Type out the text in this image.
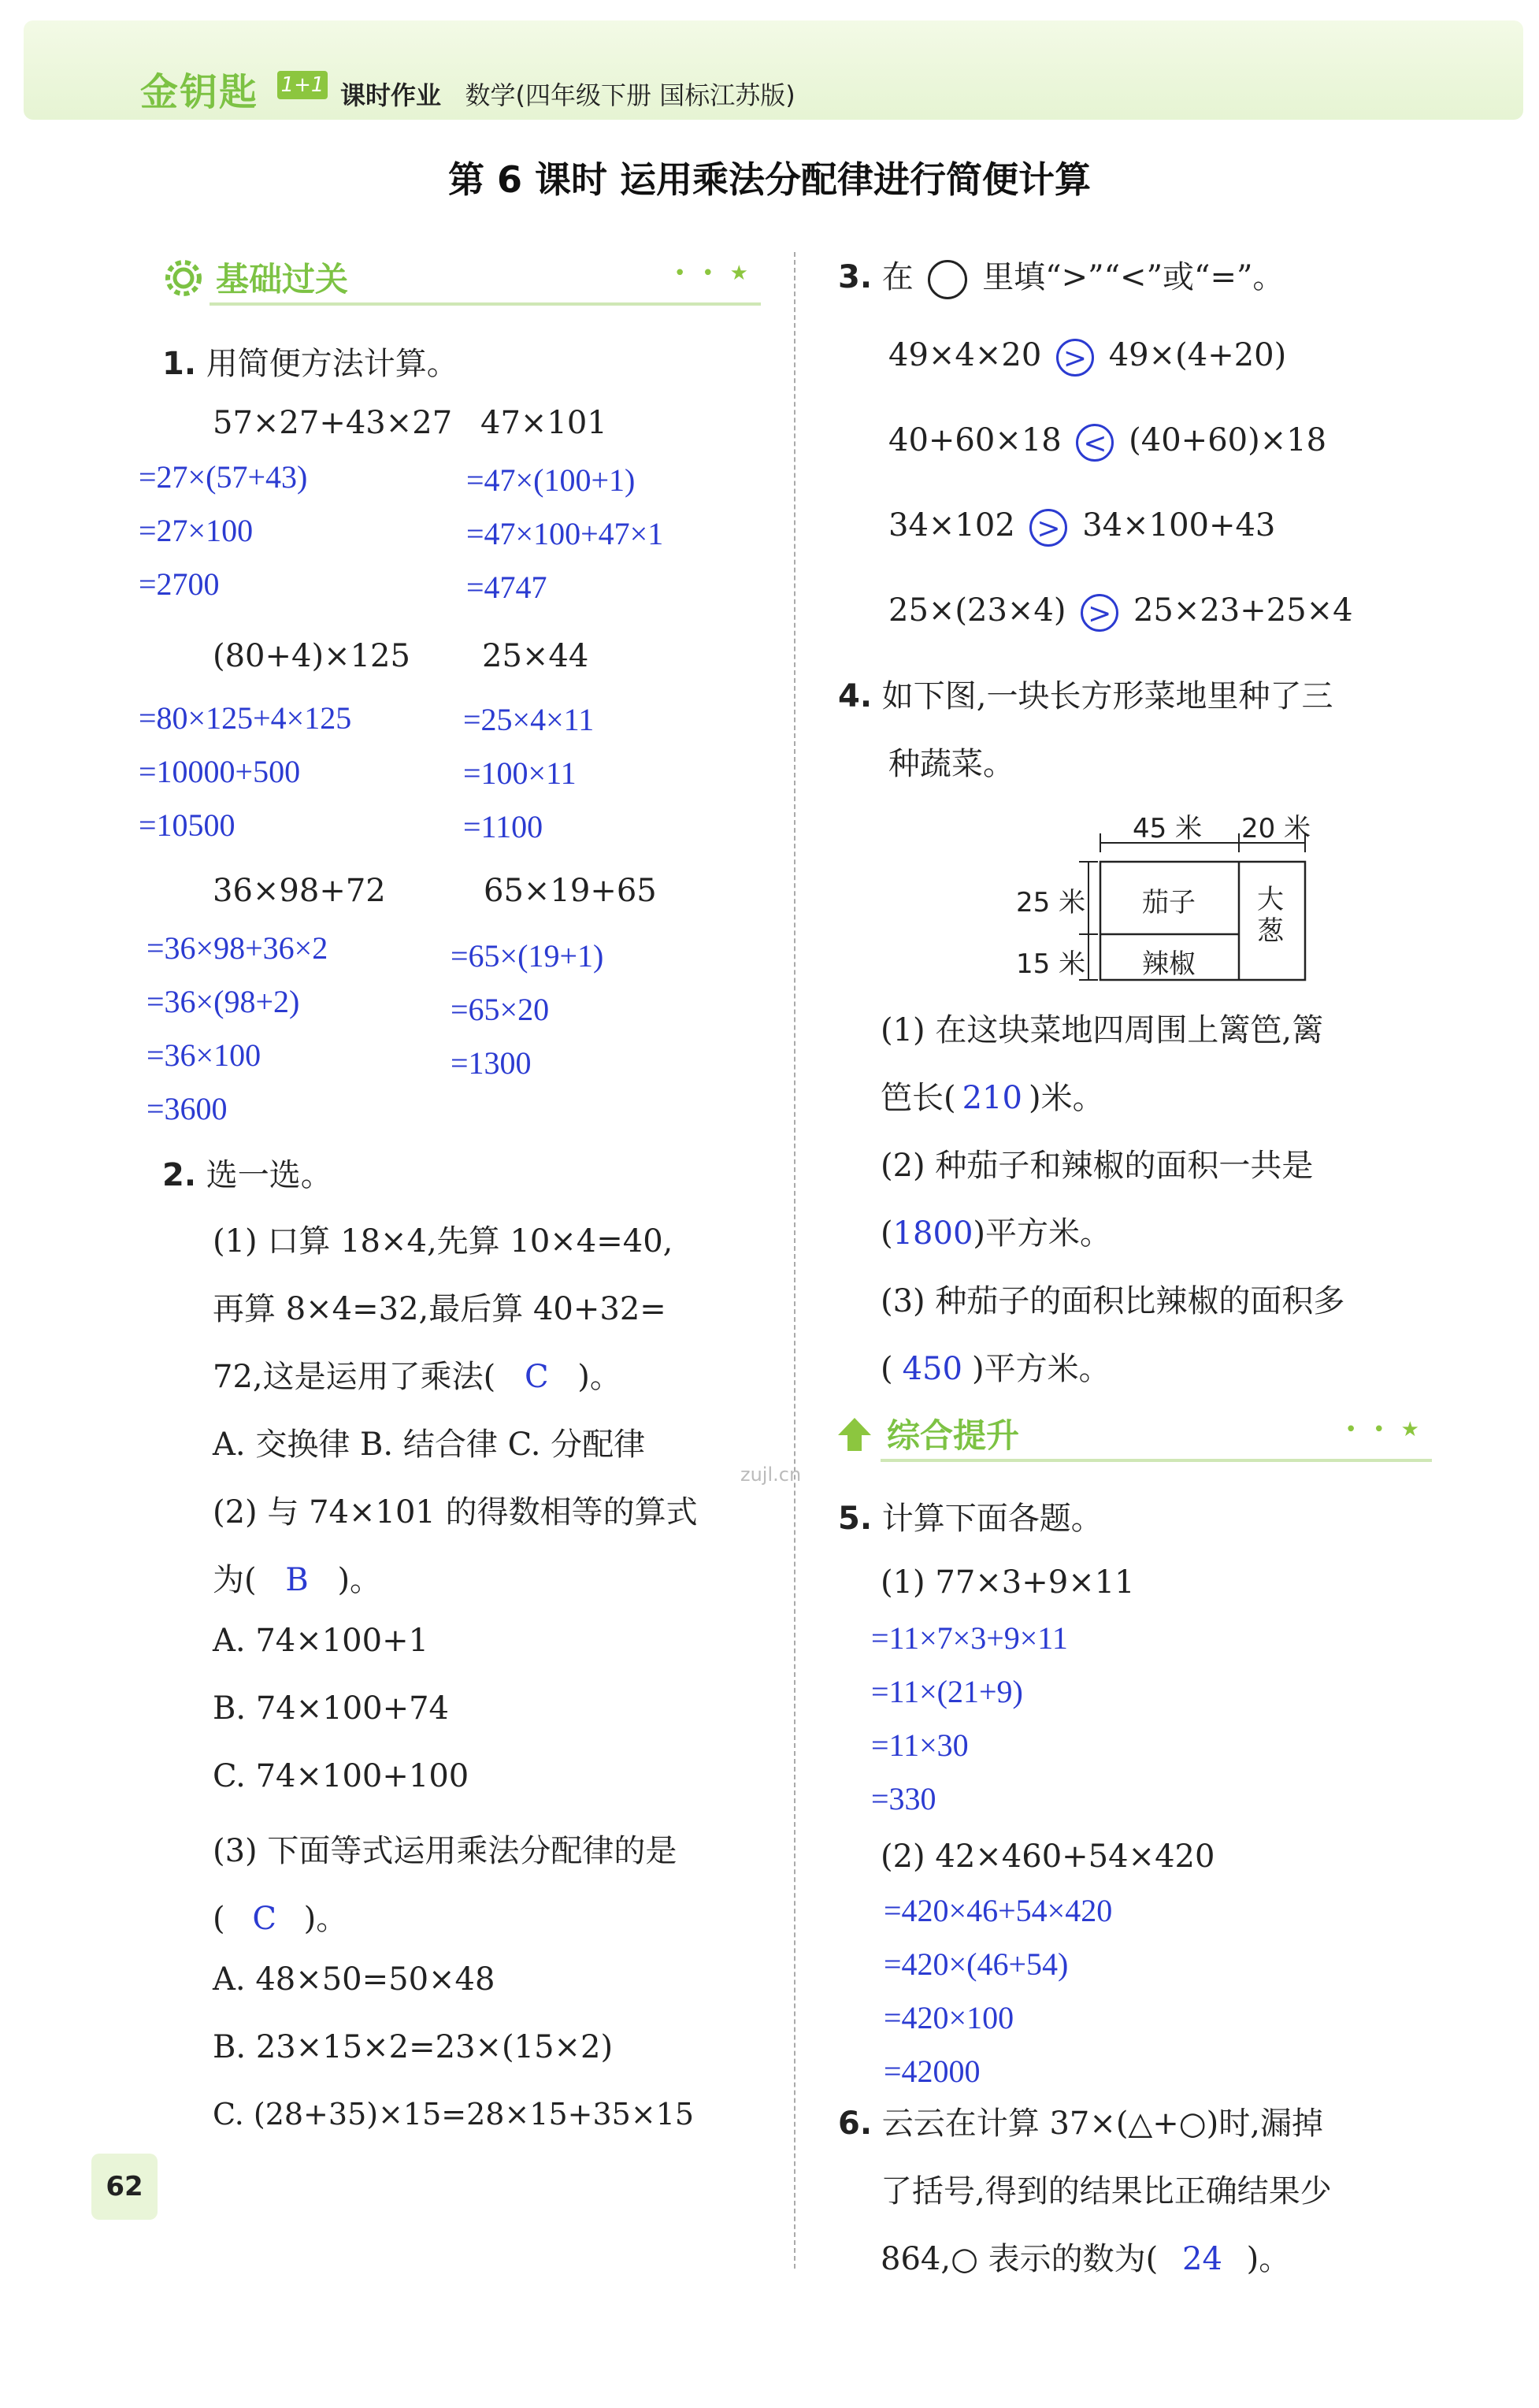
金钥匙 1+1 课时作业 数学(四年级下册 国标江苏版)
第 6 课时 运用乘法分配律进行简便计算
基础过关	• • ★
1. 用简便方法计算。
57×27+43×27 47×101
=27×(57+43)
=27×100
=2700
=47×(100+1)
=47×100+47×1
=4747
(80+4)×125 25×44
=80×125+4×125
=10000+500
=10500
=25×4×11
=100×11
=1100
36×98+72	65×19+65
=36×98+36×2
=36×(98+2)
=36×100
=3600
=65×(19+1)
=65×20
=1300
2. 选一选。
(1) 口算 18×4,先算 10×4=40,
再算 8×4=32,最后算 40+32=
72,这是运用了乘法( C )。
A. 交换律 B. 结合律 C. 分配律
(2) 与 74×101 的得数相等的算式
为( B )。
A. 74×100+1
B. 74×100+74
C. 74×100+100
(3) 下面等式运用乘法分配律的是
( C )。
A. 48×50=50×48
B. 23×15×2=23×(15×2)
C. (28+35)×15=28×15+35×15
62
3. 在 里填“>”“<”或“=”。
49×4×20 > 49×(4+20)
40+60×18 < (40+60)×18
34×102 > 34×100+43
25×(23×4) > 25×23+25×4
4. 如下图,一块长方形菜地里种了三
种蔬菜。
45 米 20 米
25 米
15 米
茄子
辣椒
大葱
(1) 在这块菜地四周围上篱笆,篱
笆长( 210 )米。
(2) 种茄子和辣椒的面积一共是
(1800)平方米。
(3) 种茄子的面积比辣椒的面积多
( 450 )平方米。
综合提升	• • ★
zujl.cn
5. 计算下面各题。
(1) 77×3+9×11
=11×7×3+9×11
=11×(21+9)
=11×30
=330
(2) 42×460+54×420
=420×46+54×420
=420×(46+54)
=420×100
=42000
6. 云云在计算 37×(△+○)时,漏掉
了括号,得到的结果比正确结果少
864,○ 表示的数为( 24 )。
